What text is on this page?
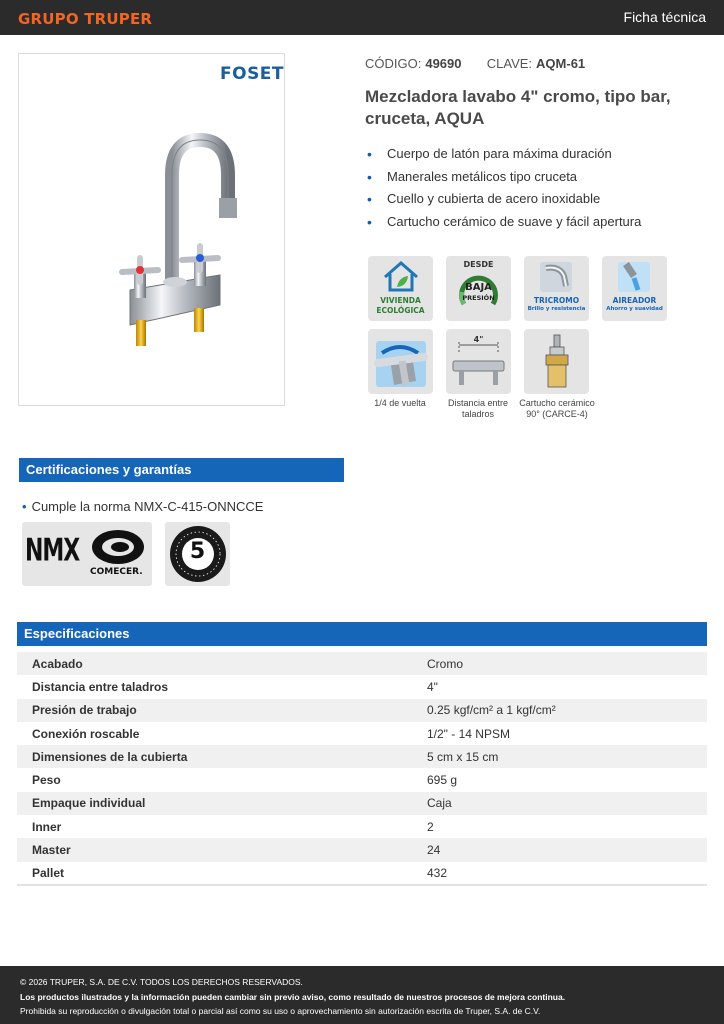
GRUPO TRUPER	Ficha técnica
FOSET
CÓDIGO: 49690 CLAVE: AQM-61
Mezcladora lavabo 4" cromo, tipo bar, cruceta, AQUA
• Cuerpo de latón para máxima duración
• Manerales metálicos tipo cruceta
• Cuello y cubierta de acero inoxidable
• Cartucho cerámico de suave y fácil apertura
VIVIENDA
ECOLÓGICA
DESDE
BAJA
PRESIÓN	TRICROMO
Brillo y resistencia
AIREADOR
Ahorro y suavidad
1/4 de vuelta
4"
Distancia entre taladros
Cartucho cerámico 90° (CARCE-4)
Certificaciones y garantías
• Cumple la norma NMX-C-415-ONNCCE
NMX
COMECER.
5
Especificaciones
Acabado	Cromo
Distancia entre taladros	4"
Presión de trabajo	0.25 kgf/cm² a 1 kgf/cm²
Conexión roscable	1/2" - 14 NPSM
Dimensiones de la cubierta	5 cm x 15 cm
Peso	695 g
Empaque individual	Caja
Inner	2
Master	24
Pallet	432
© 2026 TRUPER, S.A. DE C.V. TODOS LOS DERECHOS RESERVADOS.
Los productos ilustrados y la información pueden cambiar sin previo aviso, como resultado de nuestros procesos de mejora continua.
Prohibida su reproducción o divulgación total o parcial así como su uso o aprovechamiento sin autorización escrita de Truper, S.A. de C.V.
